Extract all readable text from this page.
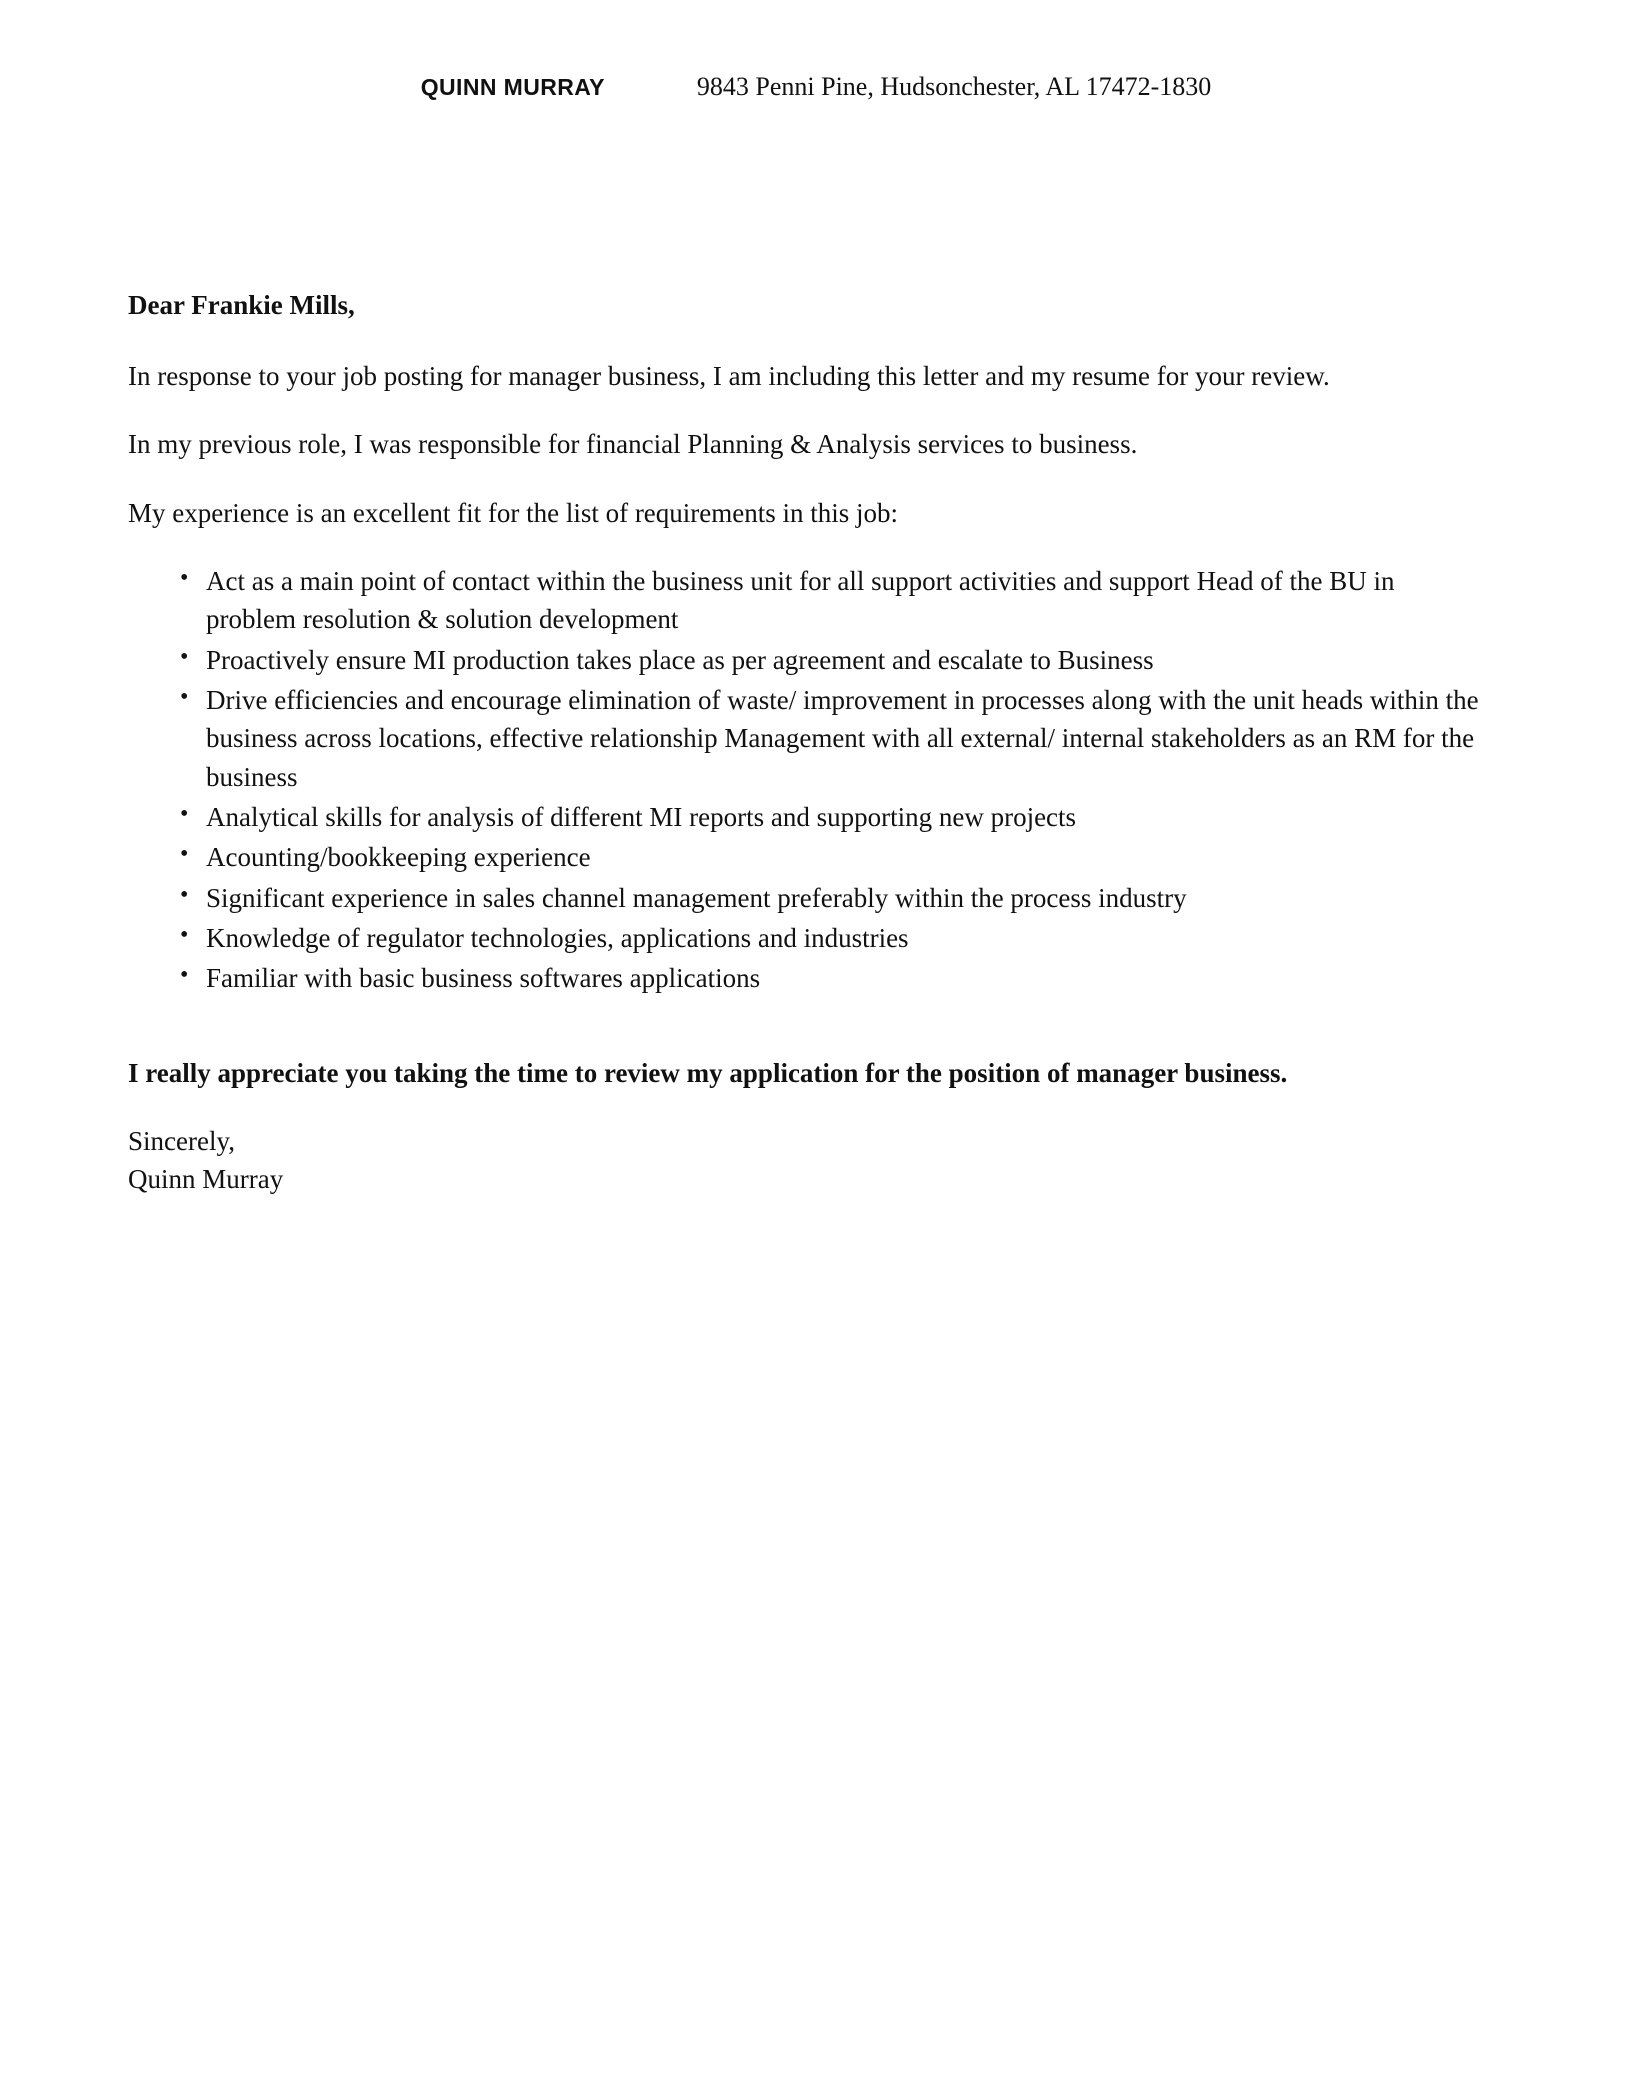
QUINN MURRAY	9843 Penni Pine, Hudsonchester, AL 17472-1830
Dear Frankie Mills,

In response to your job posting for manager business, I am including this letter and my resume for your review.

In my previous role, I was responsible for financial Planning & Analysis services to business.

My experience is an excellent fit for the list of requirements in this job:

• Act as a main point of contact within the business unit for all support activities and support Head of the BU in problem resolution & solution development
• Proactively ensure MI production takes place as per agreement and escalate to Business
• Drive efficiencies and encourage elimination of waste/ improvement in processes along with the unit heads within the business across locations, effective relationship Management with all external/ internal stakeholders as an RM for the business
• Analytical skills for analysis of different MI reports and supporting new projects
• Acounting/bookkeeping experience
• Significant experience in sales channel management preferably within the process industry
• Knowledge of regulator technologies, applications and industries
• Familiar with basic business softwares applications
I really appreciate you taking the time to review my application for the position of manager business.
Sincerely,
Quinn Murray
